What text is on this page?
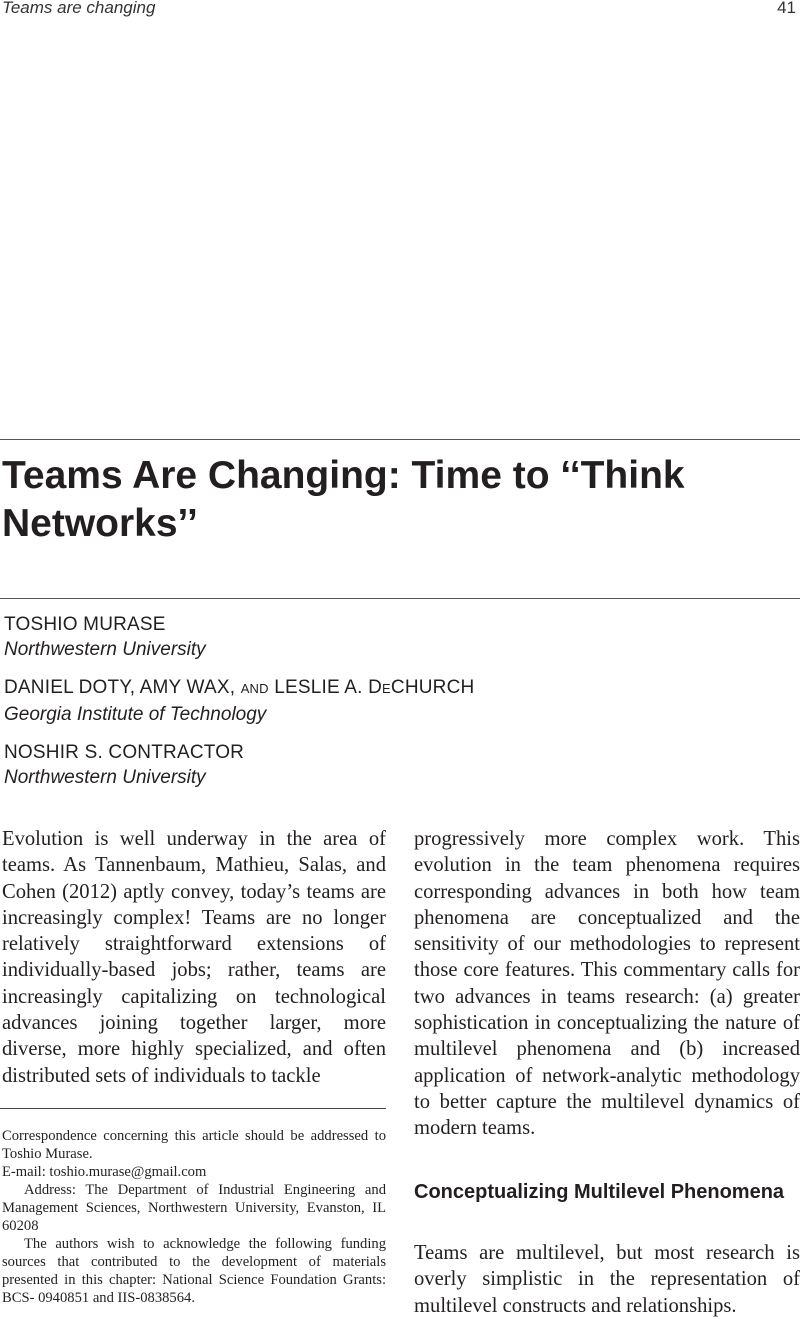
Teams are changing	41
Teams Are Changing: Time to ‘‘Think Networks’’
TOSHIO MURASE
Northwestern University
DANIEL DOTY, AMY WAX, AND LESLIE A. DECHURCH
Georgia Institute of Technology
NOSHIR S. CONTRACTOR
Northwestern University

Evolution is well underway in the area of teams. As Tannenbaum, Mathieu, Salas, and Cohen (2012) aptly convey, today’s teams are increasingly complex! Teams are no longer relatively straightforward extensions of individually-based jobs; rather, teams are increasingly capitalizing on technological advances joining together larger, more diverse, more highly specialized, and often distributed sets of individuals to tackle

progressively more complex work. This evolution in the team phenomena requires corresponding advances in both how team phenomena are conceptualized and the sensitivity of our methodologies to represent those core features. This commentary calls for two advances in teams research: (a) greater sophistication in conceptualizing the nature of multilevel phenomena and (b) increased application of network-analytic methodology to better capture the multilevel dynamics of modern teams.

Conceptualizing Multilevel Phenomena

Teams are multilevel, but most research is overly simplistic in the representation of multilevel constructs and relationships.

Correspondence concerning this article should be addressed to Toshio Murase.

E-mail: toshio.murase@gmail.com

Address: The Department of Industrial Engineering and Management Sciences, Northwestern University, Evanston, IL 60208

The authors wish to acknowledge the following funding sources that contributed to the development of materials presented in this chapter: National Science Foundation Grants: BCS- 0940851 and IIS-0838564.
